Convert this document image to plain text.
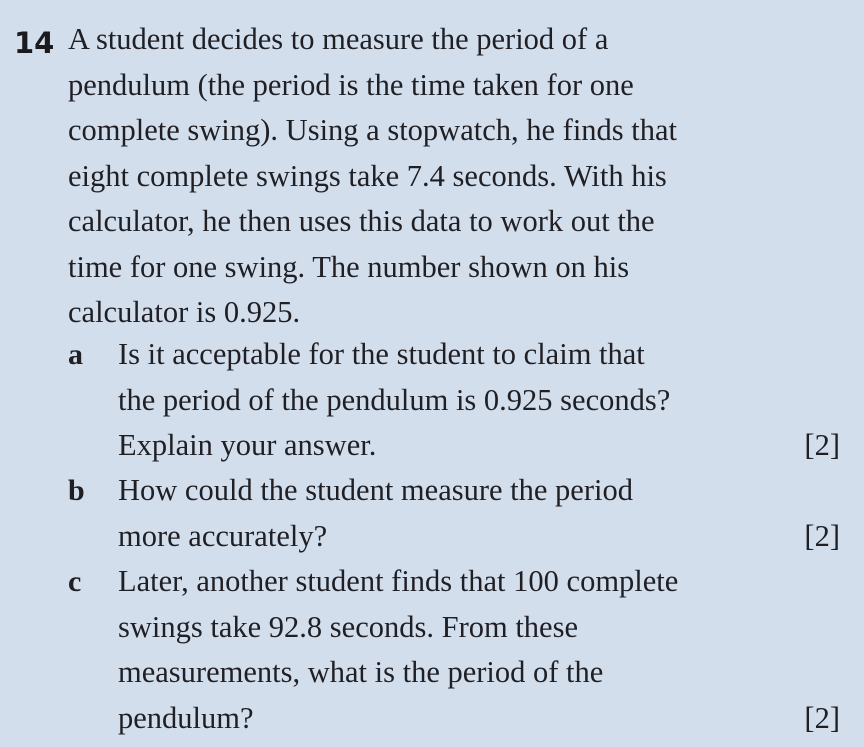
14 A student decides to measure the period of a
pendulum (the period is the time taken for one
complete swing). Using a stopwatch, he finds that
eight complete swings take 7.4 seconds. With his
calculator, he then uses this data to work out the
time for one swing. The number shown on his
calculator is 0.925.
a	Is it acceptable for the student to claim that
the period of the pendulum is 0.925 seconds?
Explain your answer.	[2]
b	How could the student measure the period
more accurately?	[2]
c	Later, another student finds that 100 complete
swings take 92.8 seconds. From these
measurements, what is the period of the
pendulum?	[2]
